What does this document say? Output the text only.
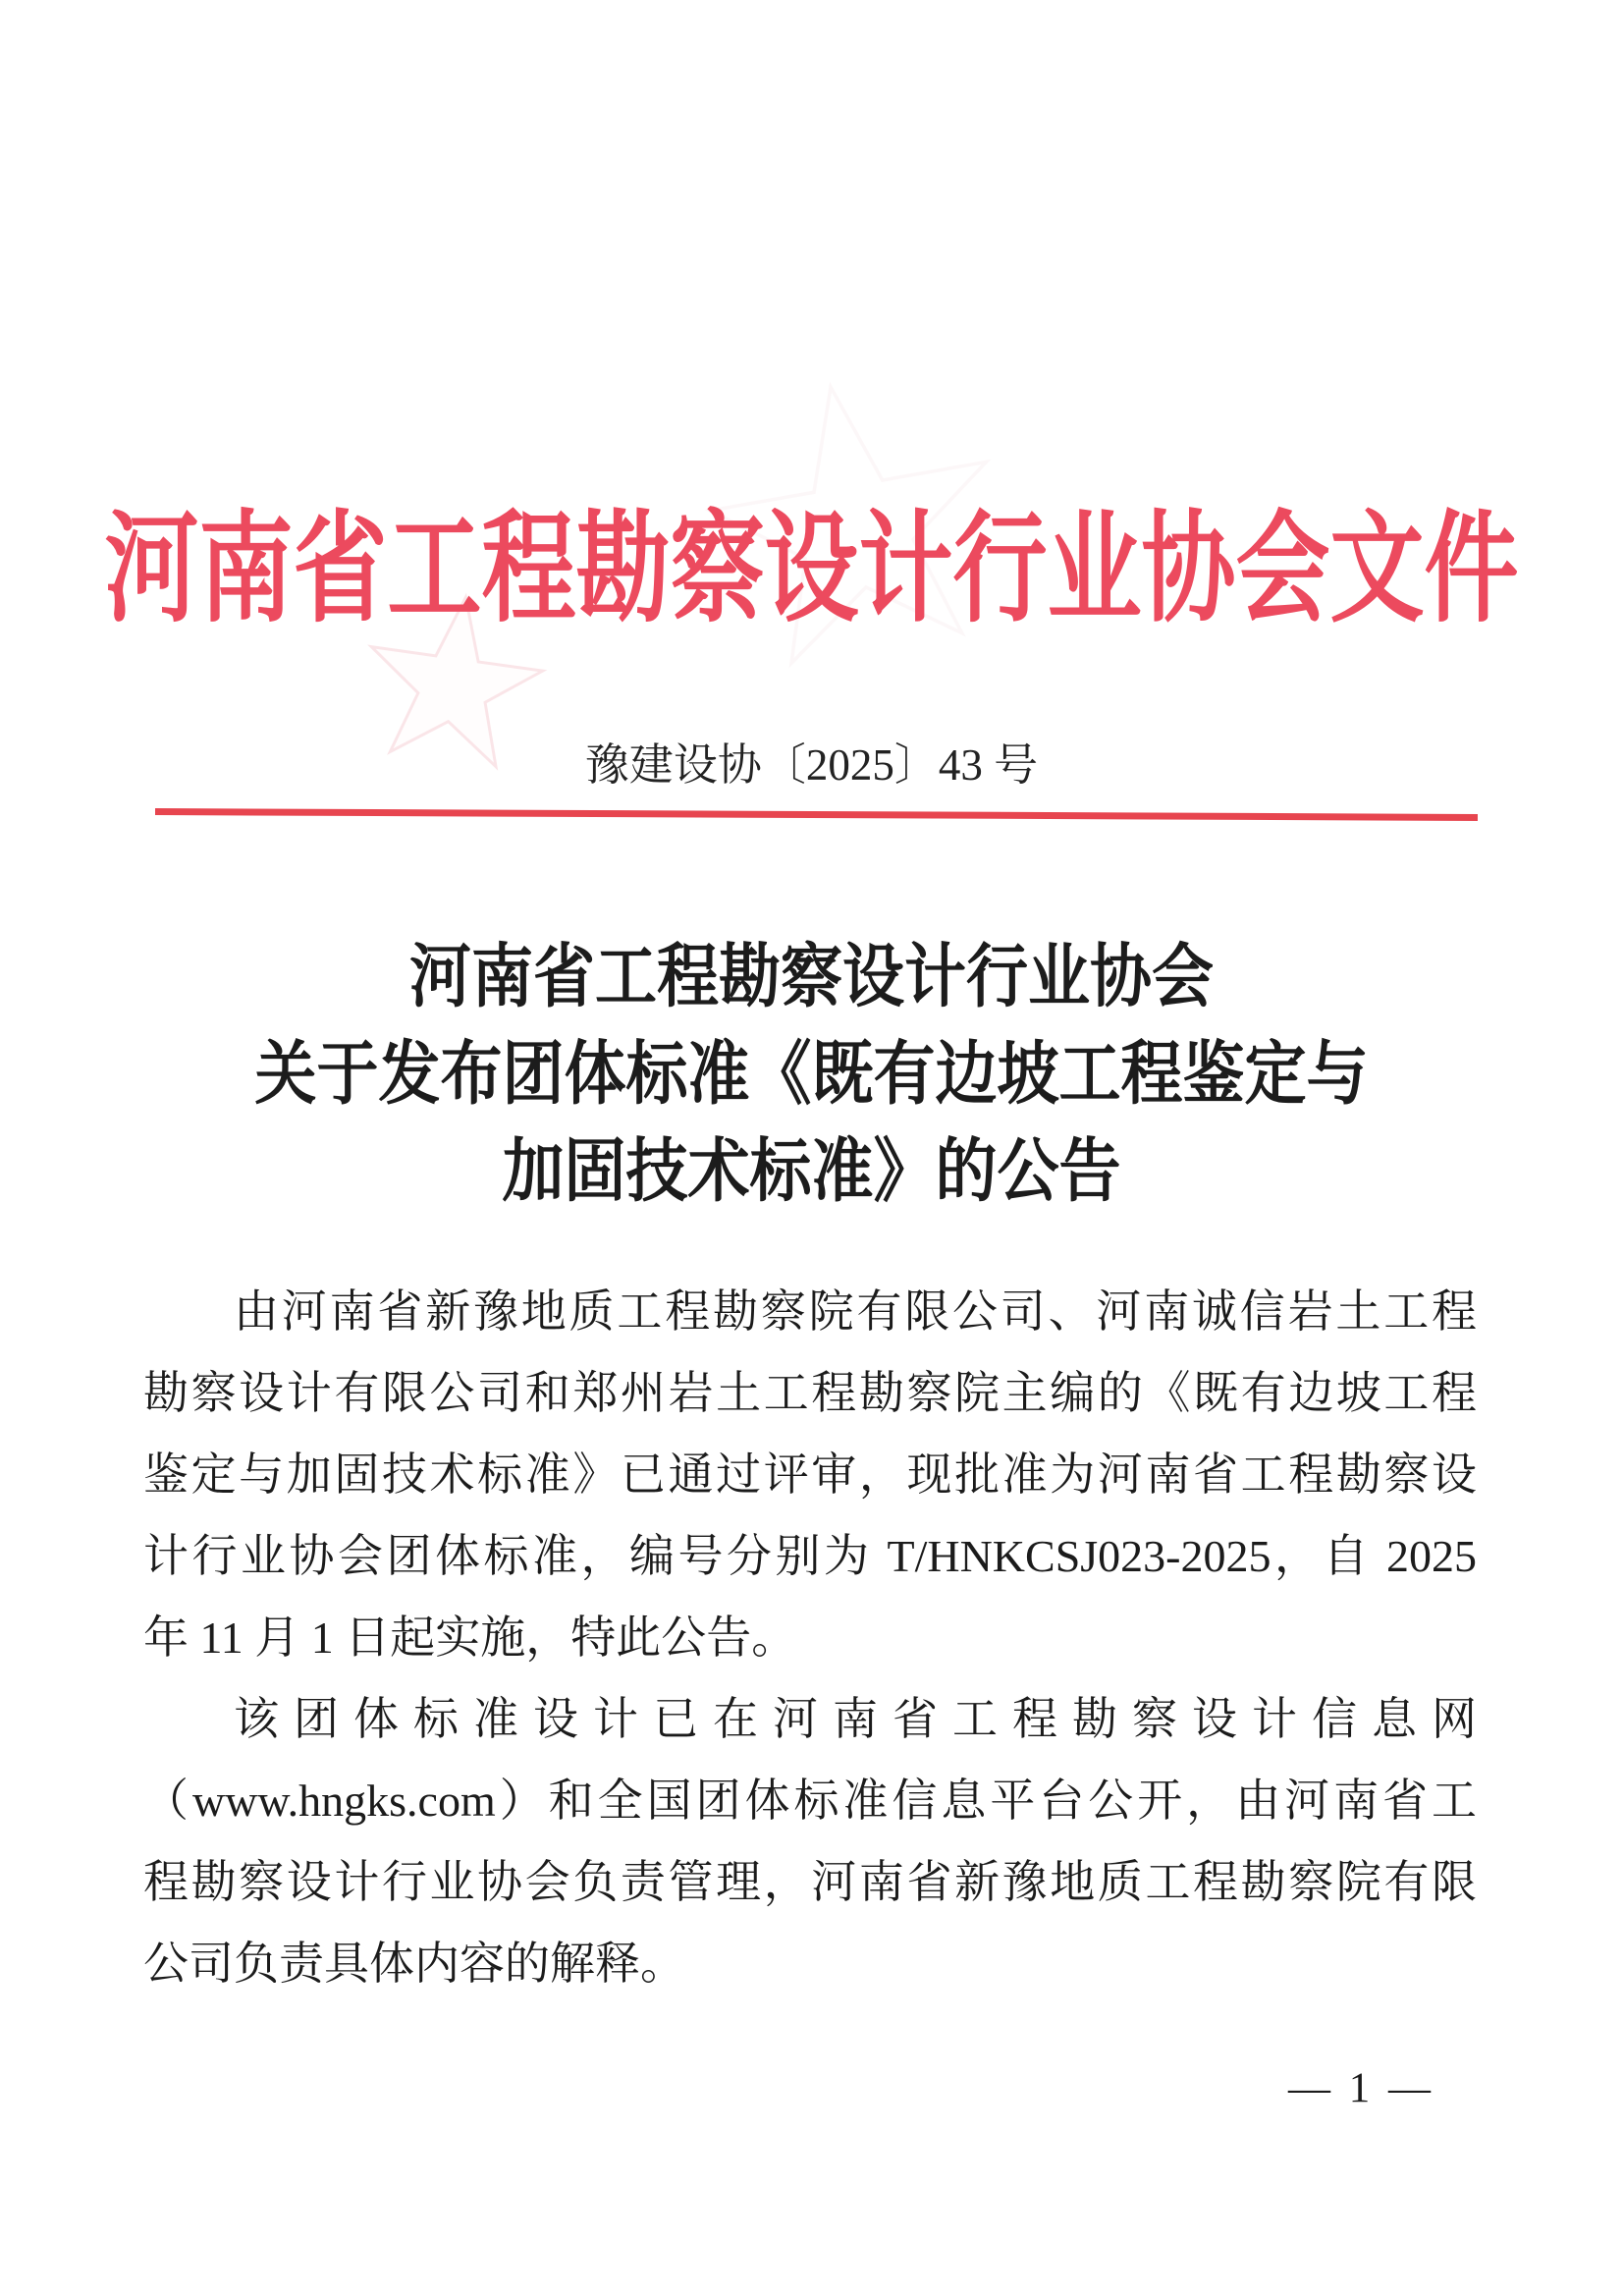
河南省工程勘察设计行业协会文件
豫建设协〔2025〕43 号
河南省工程勘察设计行业协会
关于发布团体标准《既有边坡工程鉴定与
加固技术标准》的公告
由河南省新豫地质工程勘察院有限公司、河南诚信岩土工程
勘察设计有限公司和郑州岩土工程勘察院主编的《既有边坡工程
鉴定与加固技术标准》已通过评审，现批准为河南省工程勘察设
计行业协会团体标准，编号分别为 T/HNKCSJ023-2025，自 2025
年 11 月 1 日起实施，特此公告。
该团体标准设计已在河南省工程勘察设计信息网
（www.hngks.com）和全国团体标准信息平台公开，由河南省工
程勘察设计行业协会负责管理，河南省新豫地质工程勘察院有限
公司负责具体内容的解释。
— 1 —
